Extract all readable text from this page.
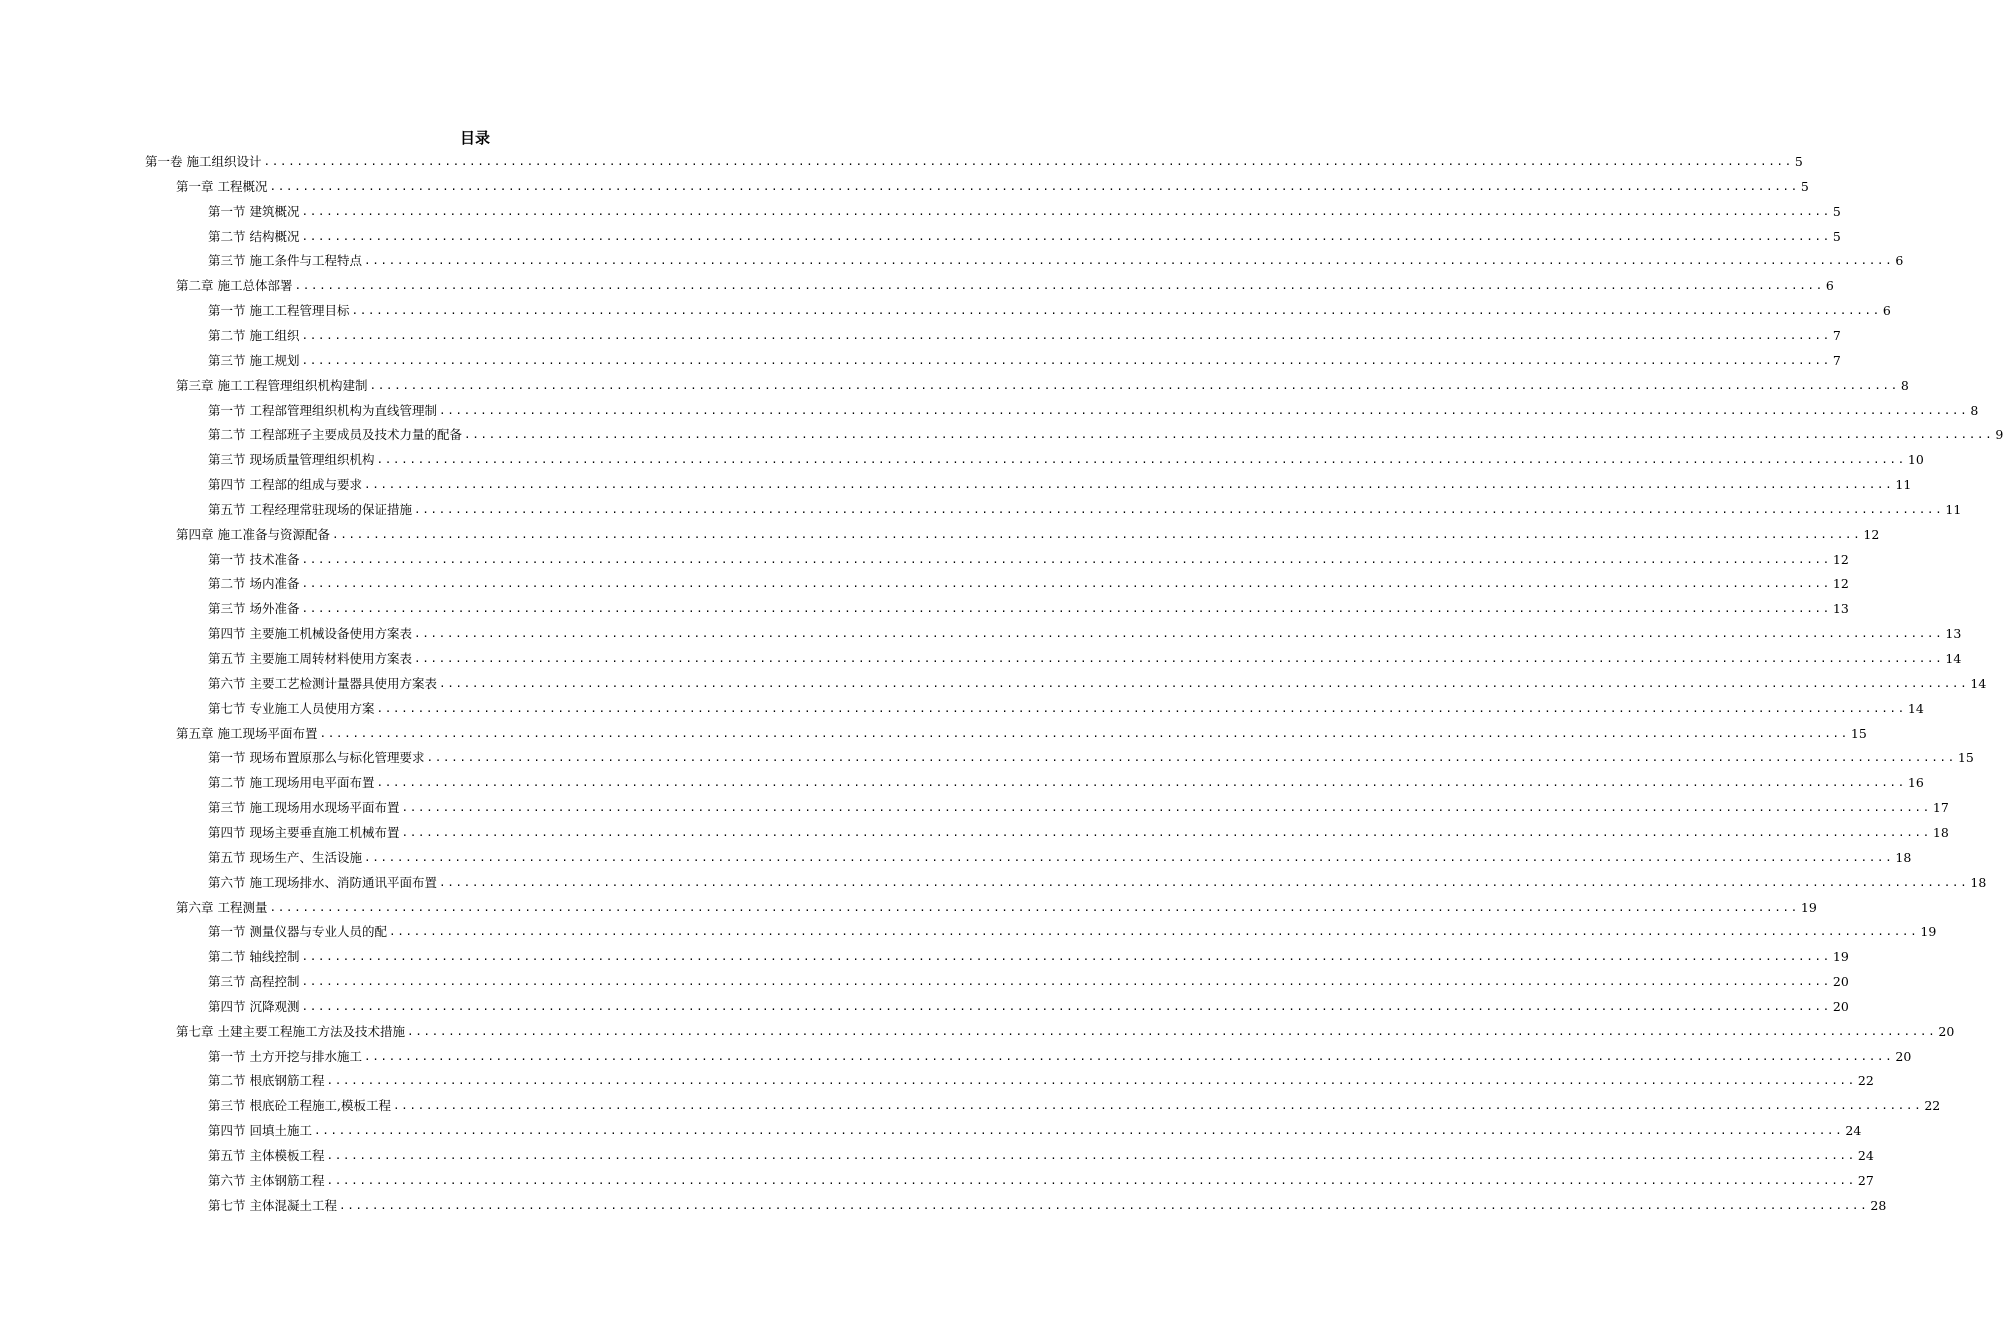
目录
第一卷 施工组织设计 .......................................................................................................................................................................................... 5
第一章 工程概况 .......................................................................................................................................................................................... 5
第一节 建筑概况 .......................................................................................................................................................................................... 5
第二节 结构概况 .......................................................................................................................................................................................... 5
第三节 施工条件与工程特点 .......................................................................................................................................................................................... 6
第二章 施工总体部署 .......................................................................................................................................................................................... 6
第一节 施工工程管理目标 .......................................................................................................................................................................................... 6
第二节 施工组织 .......................................................................................................................................................................................... 7
第三节 施工规划 .......................................................................................................................................................................................... 7
第三章 施工工程管理组织机构建制 .......................................................................................................................................................................................... 8
第一节 工程部管理组织机构为直线管理制 .......................................................................................................................................................................................... 8
第二节 工程部班子主要成员及技术力量的配备 .......................................................................................................................................................................................... 9
第三节 现场质量管理组织机构 .......................................................................................................................................................................................... 10
第四节 工程部的组成与要求 .......................................................................................................................................................................................... 11
第五节 工程经理常驻现场的保证措施 .......................................................................................................................................................................................... 11
第四章 施工准备与资源配备 .......................................................................................................................................................................................... 12
第一节 技术准备 .......................................................................................................................................................................................... 12
第二节 场内准备 .......................................................................................................................................................................................... 12
第三节 场外准备 .......................................................................................................................................................................................... 13
第四节 主要施工机械设备使用方案表 .......................................................................................................................................................................................... 13
第五节 主要施工周转材料使用方案表 .......................................................................................................................................................................................... 14
第六节 主要工艺检测计量器具使用方案表 .......................................................................................................................................................................................... 14
第七节 专业施工人员使用方案 .......................................................................................................................................................................................... 14
第五章 施工现场平面布置 .......................................................................................................................................................................................... 15
第一节 现场布置原那么与标化管理要求 .......................................................................................................................................................................................... 15
第二节 施工现场用电平面布置 .......................................................................................................................................................................................... 16
第三节 施工现场用水现场平面布置 .......................................................................................................................................................................................... 17
第四节 现场主要垂直施工机械布置 .......................................................................................................................................................................................... 18
第五节 现场生产、生活设施 .......................................................................................................................................................................................... 18
第六节 施工现场排水、消防通讯平面布置 .......................................................................................................................................................................................... 18
第六章 工程测量 .......................................................................................................................................................................................... 19
第一节 测量仪器与专业人员的配 .......................................................................................................................................................................................... 19
第二节 轴线控制 .......................................................................................................................................................................................... 19
第三节 高程控制 .......................................................................................................................................................................................... 20
第四节 沉降观测 .......................................................................................................................................................................................... 20
第七章 土建主要工程施工方法及技术措施 .......................................................................................................................................................................................... 20
第一节 土方开挖与排水施工 .......................................................................................................................................................................................... 20
第二节 根底钢筋工程 .......................................................................................................................................................................................... 22
第三节 根底砼工程施工,模板工程 .......................................................................................................................................................................................... 22
第四节 回填土施工 .......................................................................................................................................................................................... 24
第五节 主体模板工程 .......................................................................................................................................................................................... 24
第六节 主体钢筋工程 .......................................................................................................................................................................................... 27
第七节 主体混凝土工程 .......................................................................................................................................................................................... 28
